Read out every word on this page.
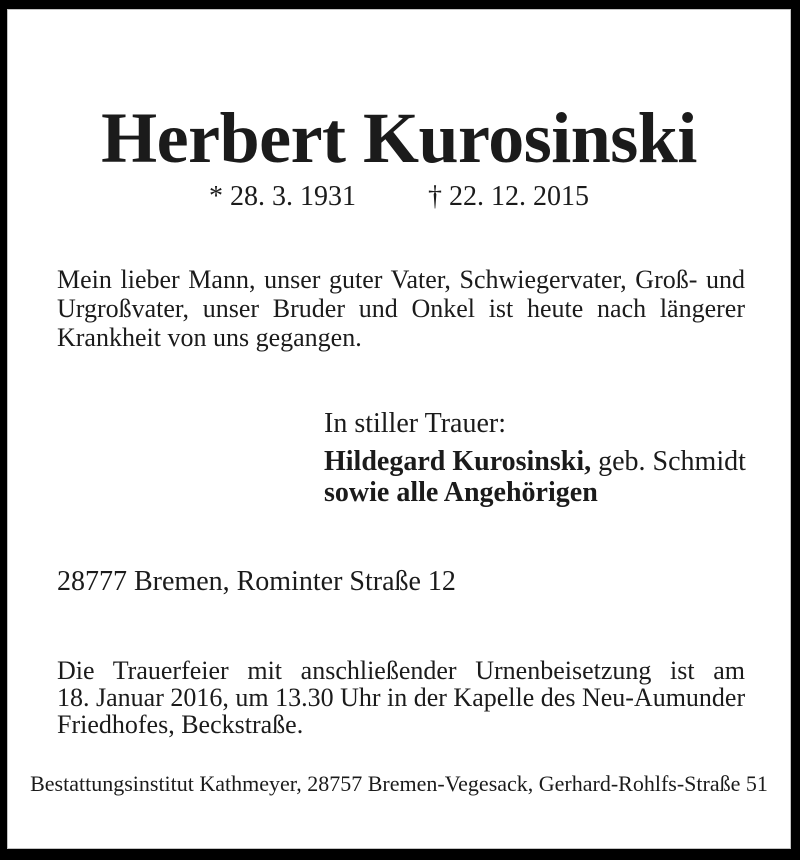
Herbert Kurosinski
* 28. 3. 1931	† 22. 12. 2015
Mein lieber Mann, unser guter Vater, Schwiegervater, Groß- und
Urgroßvater, unser Bruder und Onkel ist heute nach längerer
Krankheit von uns gegangen.
In stiller Trauer:
Hildegard Kurosinski, geb. Schmidt
sowie alle Angehörigen
28777 Bremen, Rominter Straße 12
Die Trauerfeier mit anschließender Urnenbeisetzung ist am
18. Januar 2016, um 13.30 Uhr in der Kapelle des Neu-Aumunder
Friedhofes, Beckstraße.
Bestattungsinstitut Kathmeyer, 28757 Bremen-Vegesack, Gerhard-Rohlfs-Straße 51
